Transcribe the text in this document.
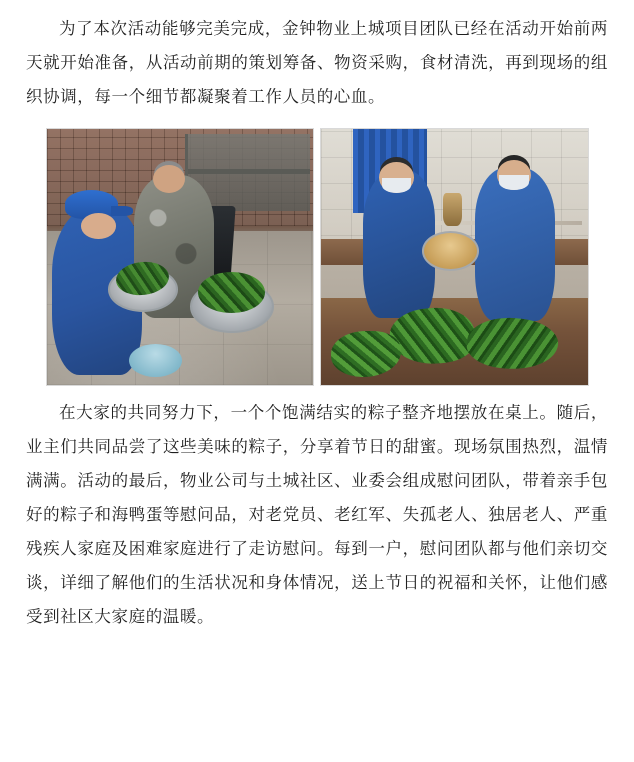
为了本次活动能够完美完成，金钟物业上城项目团队已经在活动开始前两天就开始准备，从活动前期的策划筹备、物资采购，食材清洗，再到现场的组织协调，每一个细节都凝聚着工作人员的心血。

在大家的共同努力下，一个个饱满结实的粽子整齐地摆放在桌上。随后，业主们共同品尝了这些美味的粽子，分享着节日的甜蜜。现场氛围热烈，温情满满。活动的最后，物业公司与土城社区、业委会组成慰问团队，带着亲手包好的粽子和海鸭蛋等慰问品，对老党员、老红军、失孤老人、独居老人、严重残疾人家庭及困难家庭进行了走访慰问。每到一户，慰问团队都与他们亲切交谈，详细了解他们的生活状况和身体情况，送上节日的祝福和关怀，让他们感受到社区大家庭的温暖。
